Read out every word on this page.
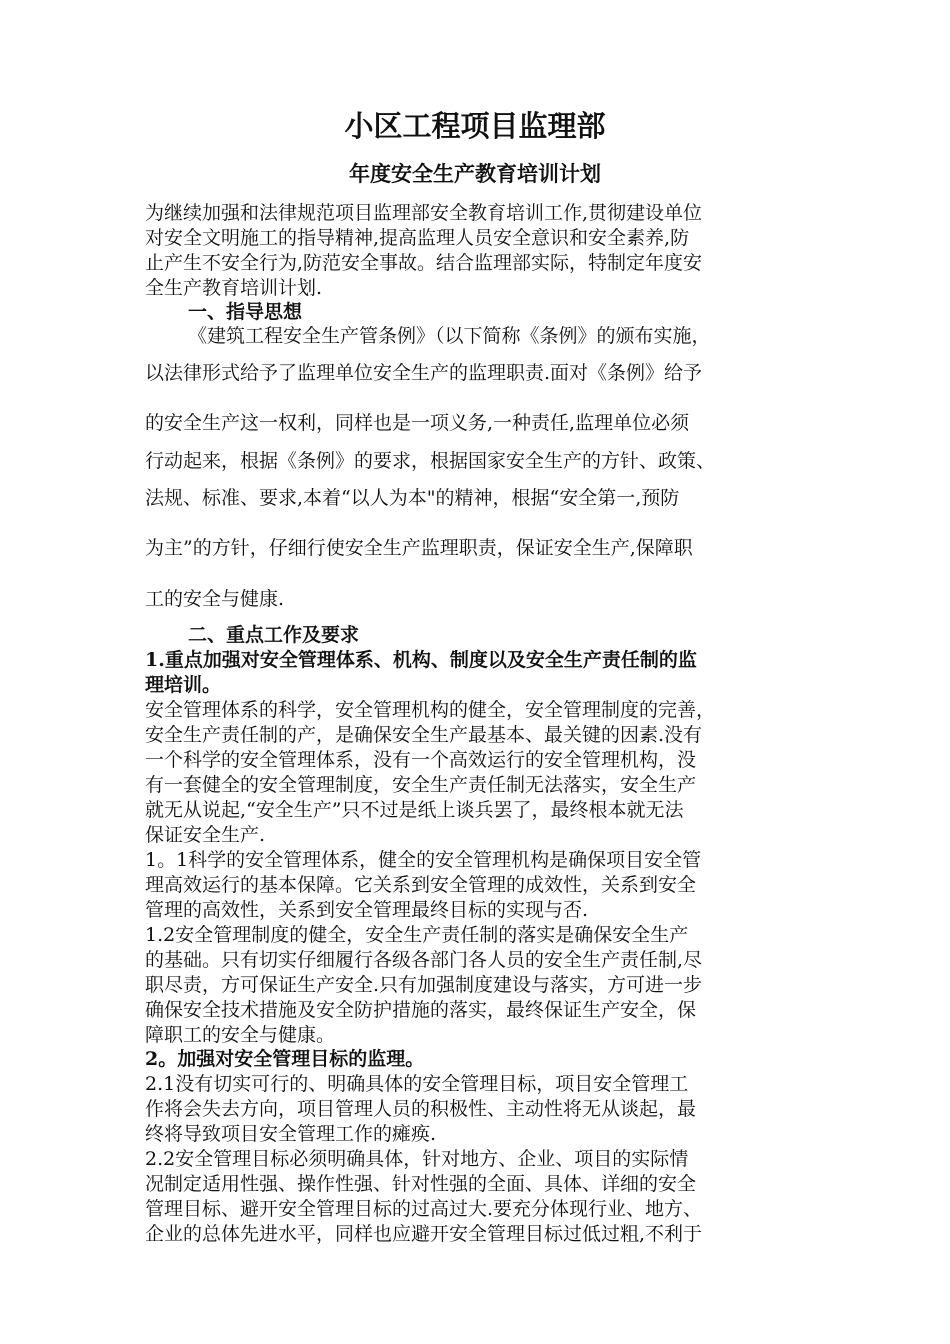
小区工程项目监理部
年度安全生产教育培训计划
为继续加强和法律规范项目监理部安全教育培训工作,贯彻建设单位
对安全文明施工的指导精神,提高监理人员安全意识和安全素养,防
止产生不安全行为,防范安全事故。结合监理部实际，特制定年度安
全生产教育培训计划.
一、指导思想
《建筑工程安全生产管条例》（以下简称《条例》的颁布实施，
以法律形式给予了监理单位安全生产的监理职责.面对《条例》给予
的安全生产这一权利，同样也是一项义务,一种责任,监理单位必须
行动起来，根据《条例》的要求，根据国家安全生产的方针、政策、
法规、标准、要求,本着“以人为本"的精神，根据“安全第一,预防
为主”的方针，仔细行使安全生产监理职责，保证安全生产,保障职
工的安全与健康.
二、重点工作及要求
1.重点加强对安全管理体系、机构、制度以及安全生产责任制的监
理培训。
安全管理体系的科学，安全管理机构的健全，安全管理制度的完善，
安全生产责任制的产，是确保安全生产最基本、最关键的因素.没有
一个科学的安全管理体系，没有一个高效运行的安全管理机构，没
有一套健全的安全管理制度，安全生产责任制无法落实，安全生产
就无从说起,“安全生产”只不过是纸上谈兵罢了，最终根本就无法
保证安全生产.
1。1科学的安全管理体系，健全的安全管理机构是确保项目安全管
理高效运行的基本保障。它关系到安全管理的成效性，关系到安全
管理的高效性，关系到安全管理最终目标的实现与否.
1.2安全管理制度的健全，安全生产责任制的落实是确保安全生产
的基础。只有切实仔细履行各级各部门各人员的安全生产责任制,尽
职尽责，方可保证生产安全.只有加强制度建设与落实，方可进一步
确保安全技术措施及安全防护措施的落实，最终保证生产安全，保
障职工的安全与健康。
2。加强对安全管理目标的监理。
2.1没有切实可行的、明确具体的安全管理目标，项目安全管理工
作将会失去方向，项目管理人员的积极性、主动性将无从谈起，最
终将导致项目安全管理工作的瘫痪.
2.2安全管理目标必须明确具体，针对地方、企业、项目的实际情
况制定适用性强、操作性强、针对性强的全面、具体、详细的安全
管理目标、避开安全管理目标的过高过大.要充分体现行业、地方、
企业的总体先进水平，同样也应避开安全管理目标过低过粗,不利于
